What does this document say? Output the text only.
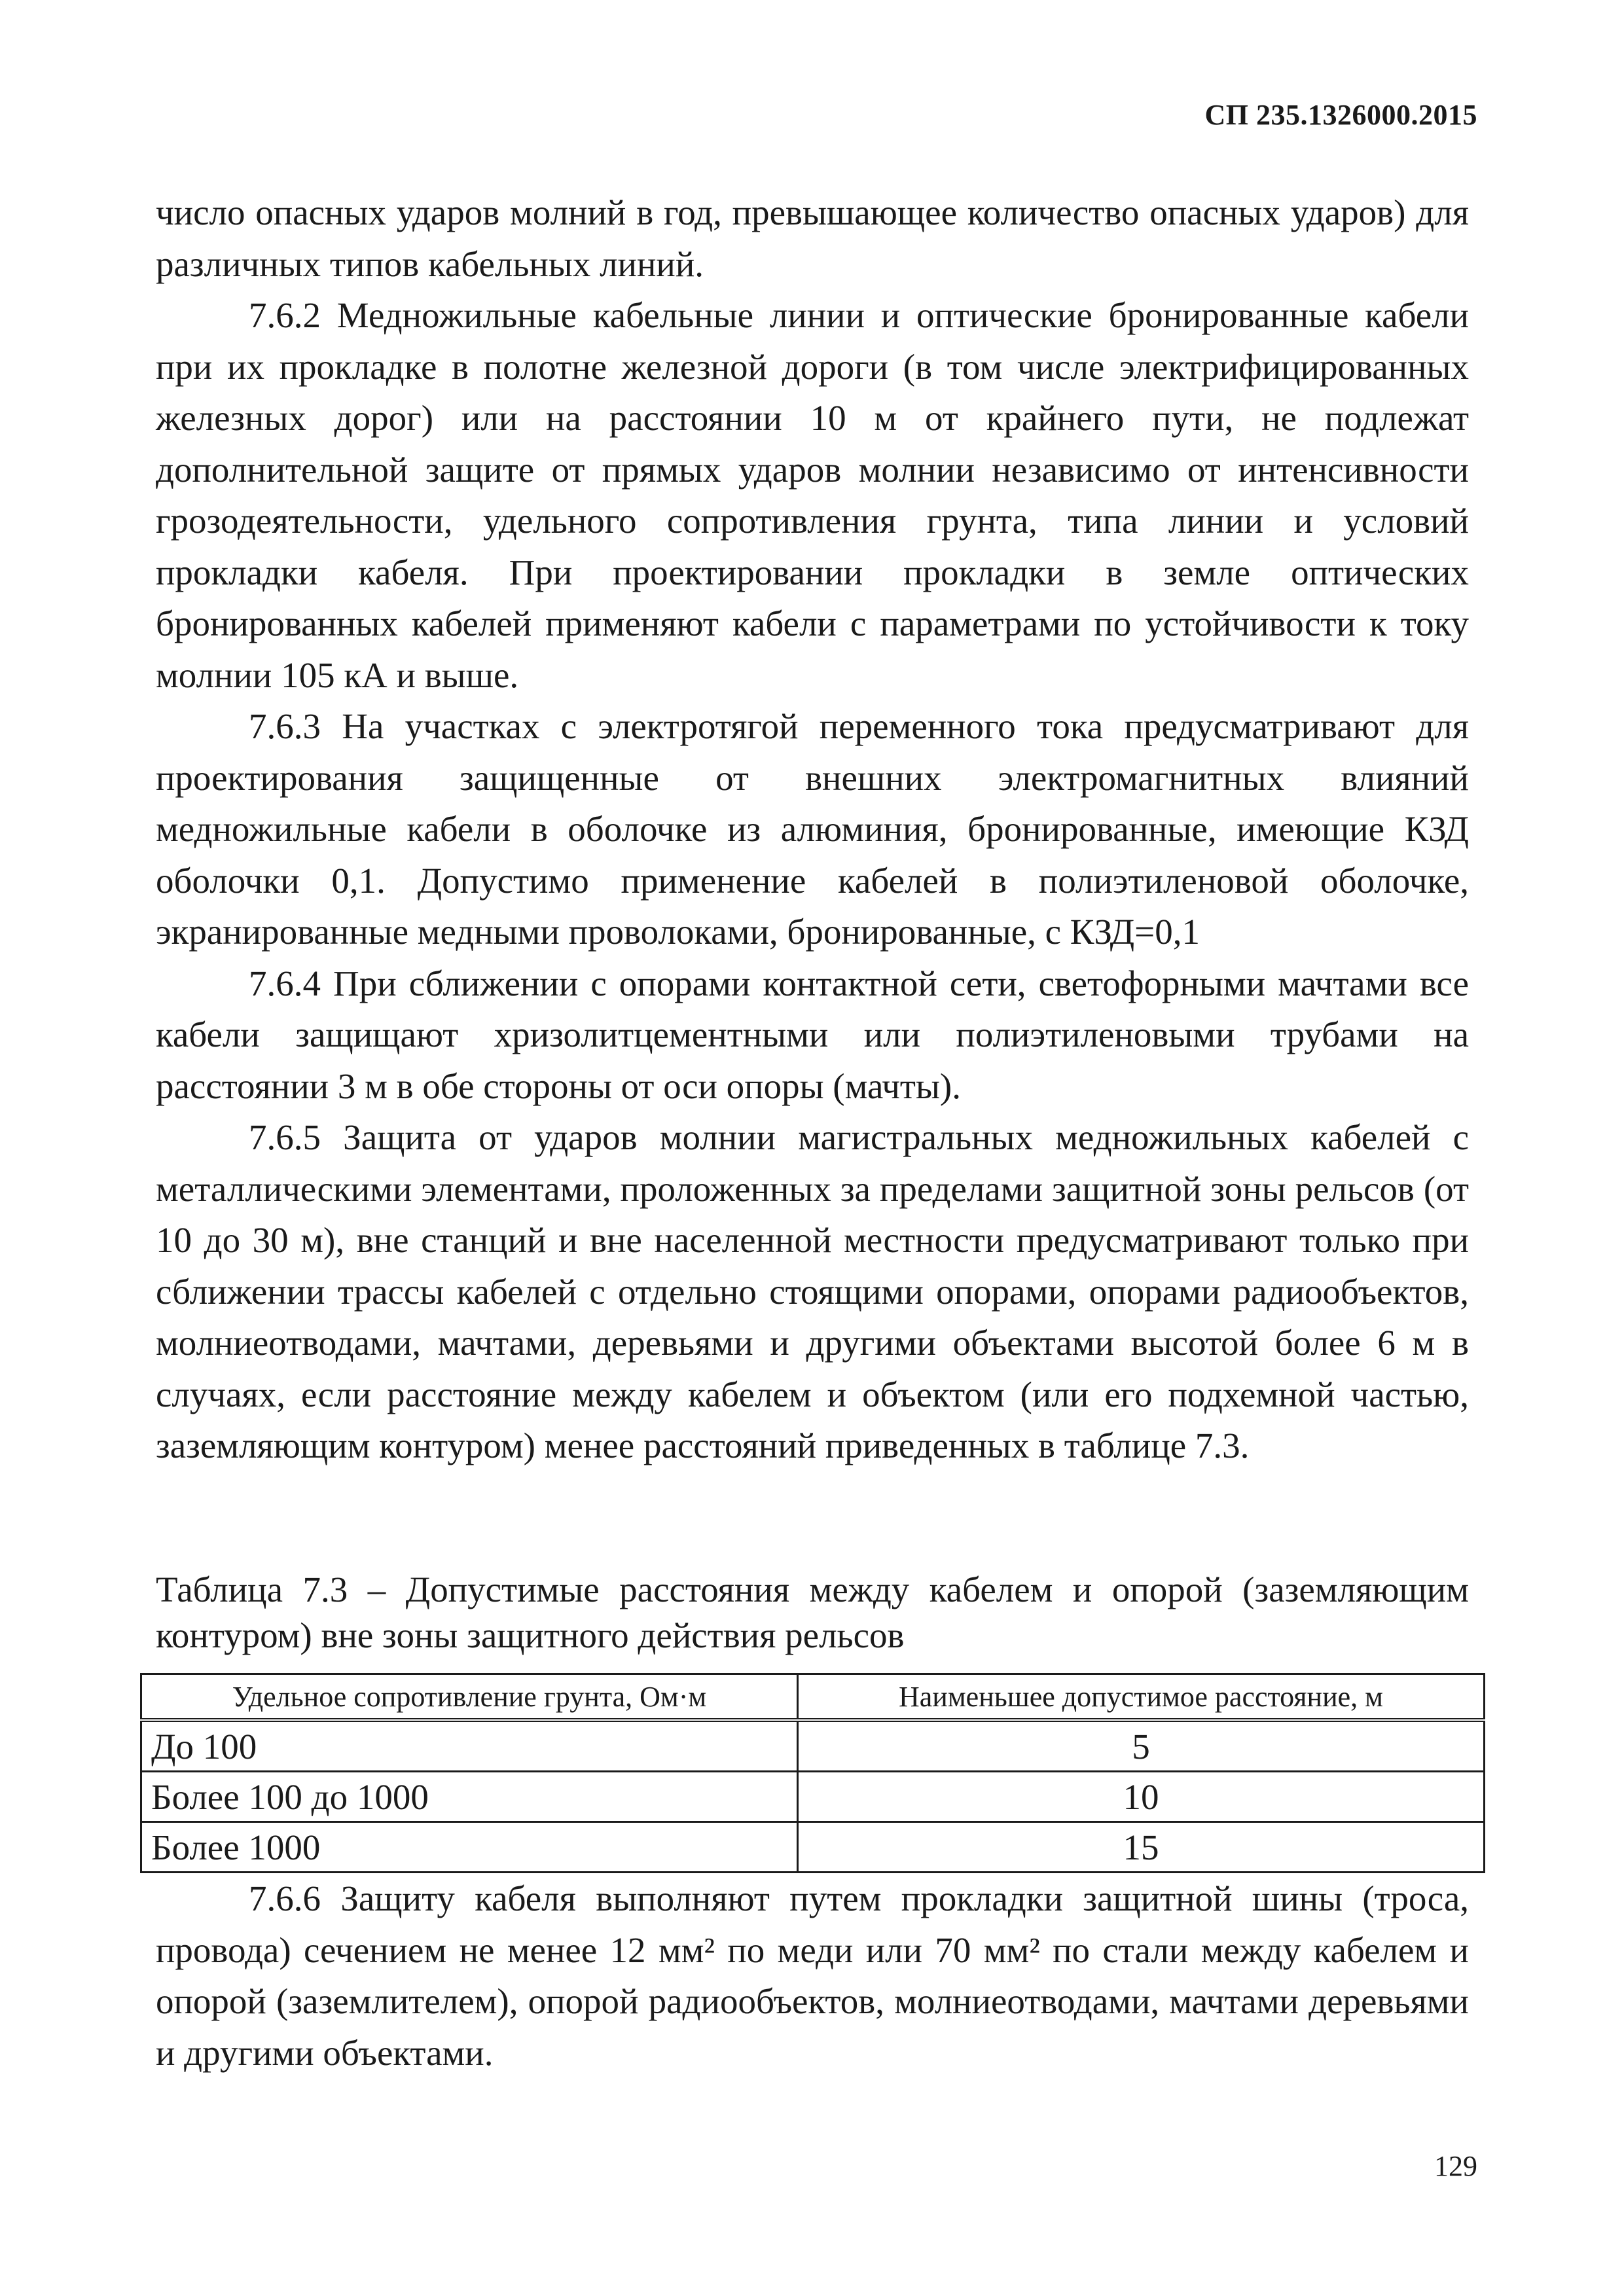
СП 235.1326000.2015

число опасных ударов молний в год, превышающее количество опасных ударов) для различных типов кабельных линий.

7.6.2 Медножильные кабельные линии и оптические бронированные кабели при их прокладке в полотне железной дороги (в том числе электрифицированных железных дорог) или на расстоянии 10 м от крайнего пути, не подлежат дополнительной защите от прямых ударов молнии независимо от интенсивности грозодеятельности, удельного сопротивления грунта, типа линии и условий прокладки кабеля. При проектировании прокладки в земле оптических бронированных кабелей применяют кабели с параметрами по устойчивости к току молнии 105 кА и выше.

7.6.3 На участках с электротягой переменного тока предусматривают для проектирования защищенные от внешних электромагнитных влияний медножильные кабели в оболочке из алюминия, бронированные, имеющие КЗД оболочки 0,1. Допустимо применение кабелей в полиэтиленовой оболочке, экранированные медными проволоками, бронированные, с КЗД=0,1

7.6.4 При сближении с опорами контактной сети, светофорными мачтами все кабели защищают хризолитцементными или полиэтиленовыми трубами на расстоянии 3 м в обе стороны от оси опоры (мачты).

7.6.5 Защита от ударов молнии магистральных медножильных кабелей с металлическими элементами, проложенных за пределами защитной зоны рельсов (от 10 до 30 м), вне станций и вне населенной местности предусматривают только при сближении трассы кабелей с отдельно стоящими опорами, опорами радиообъектов, молниеотводами, мачтами, деревьями и другими объектами высотой более 6 м в случаях, если расстояние между кабелем и объектом (или его подхемной частью, заземляющим контуром) менее расстояний приведенных в таблице 7.3.

Таблица 7.3 – Допустимые расстояния между кабелем и опорой (заземляющим контуром) вне зоны защитного действия рельсов

Удельное сопротивление грунта, Ом·м	Наименьшее допустимое расстояние, м
До 100	5
Более 100 до 1000	10
Более 1000	15

7.6.6 Защиту кабеля выполняют путем прокладки защитной шины (троса, провода) сечением не менее 12 мм² по меди или 70 мм² по стали между кабелем и опорой (заземлителем), опорой радиообъектов, молниеотводами, мачтами деревьями и другими объектами.

129
